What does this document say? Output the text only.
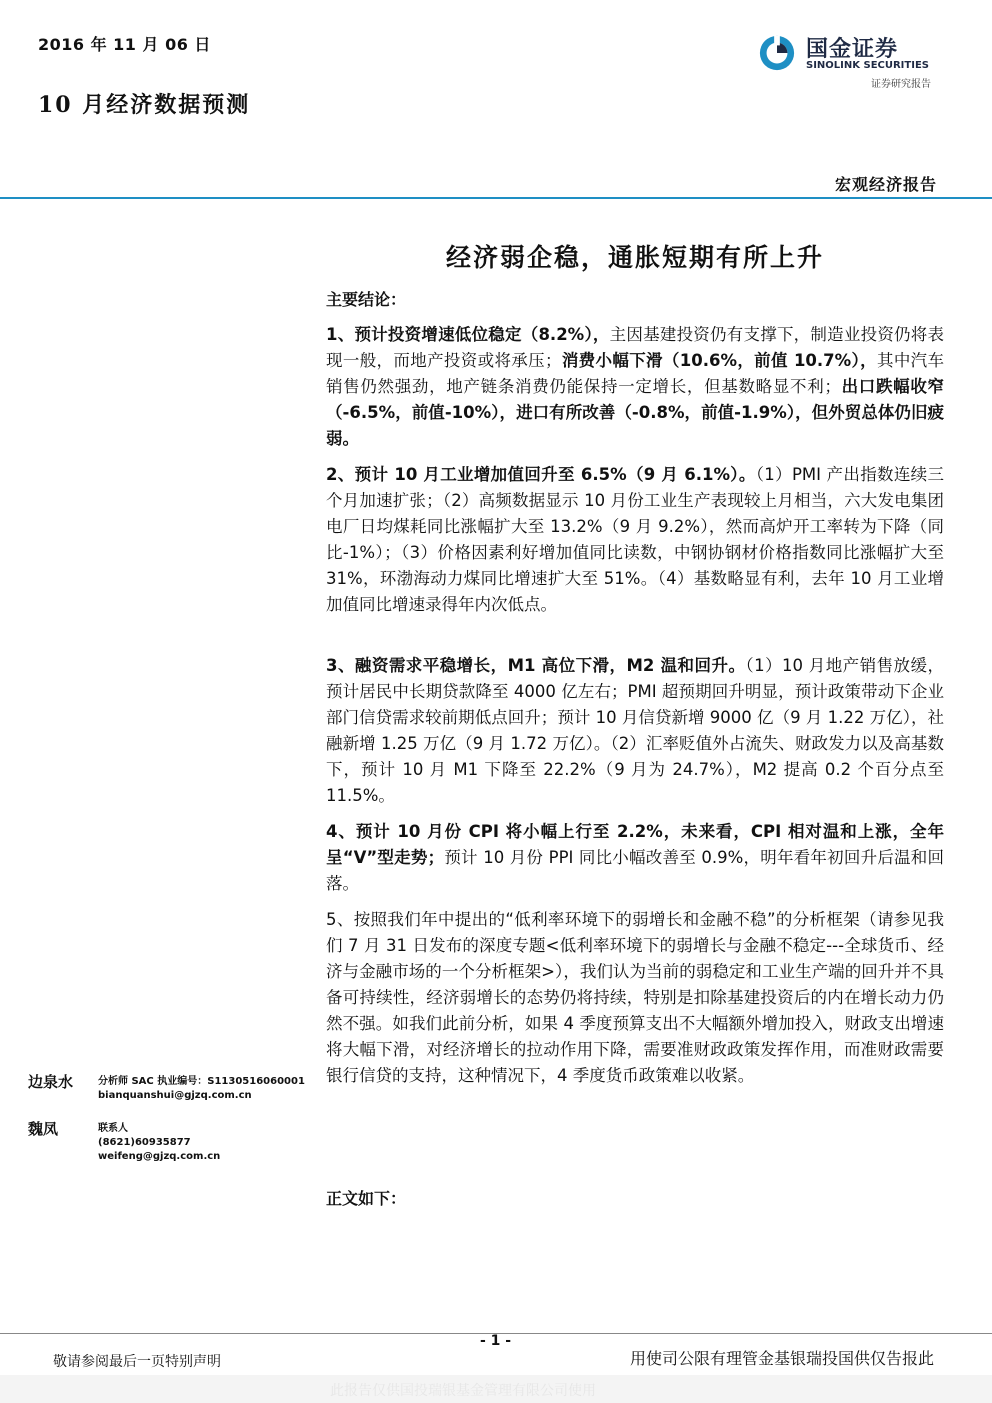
2016 年 11 月 06 日
10 月经济数据预测
国金证券
SINOLINK SECURITIES
证券研究报告
宏观经济报告
经济弱企稳，通胀短期有所上升
主要结论：
1、预计投资增速低位稳定（8.2%），主因基建投资仍有支撑下，制造业投资仍将表现一般，而地产投资或将承压；消费小幅下滑（10.6%，前值 10.7%），其中汽车销售仍然强劲，地产链条消费仍能保持一定增长，但基数略显不利；出口跌幅收窄（-6.5%，前值-10%），进口有所改善（-0.8%，前值-1.9%），但外贸总体仍旧疲弱。
2、预计 10 月工业增加值回升至 6.5%（9 月 6.1%）。（1）PMI 产出指数连续三个月加速扩张；（2）高频数据显示 10 月份工业生产表现较上月相当，六大发电集团电厂日均煤耗同比涨幅扩大至 13.2%（9 月 9.2%），然而高炉开工率转为下降（同比-1%）；（3）价格因素利好增加值同比读数，中钢协钢材价格指数同比涨幅扩大至 31%，环渤海动力煤同比增速扩大至 51%。（4）基数略显有利，去年 10 月工业增加值同比增速录得年内次低点。
3、融资需求平稳增长，M1 高位下滑，M2 温和回升。（1）10 月地产销售放缓，预计居民中长期贷款降至 4000 亿左右；PMI 超预期回升明显，预计政策带动下企业部门信贷需求较前期低点回升；预计 10 月信贷新增 9000 亿（9 月 1.22 万亿），社融新增 1.25 万亿（9 月 1.72 万亿）。（2）汇率贬值外占流失、财政发力以及高基数下，预计 10 月 M1 下降至 22.2%（9 月为 24.7%），M2 提高 0.2 个百分点至 11.5%。
4、预计 10 月份 CPI 将小幅上行至 2.2%，未来看，CPI 相对温和上涨，全年呈“V”型走势；预计 10 月份 PPI 同比小幅改善至 0.9%，明年看年初回升后温和回落。
5、按照我们年中提出的“低利率环境下的弱增长和金融不稳”的分析框架（请参见我们 7 月 31 日发布的深度专题<低利率环境下的弱增长与金融不稳定---全球货币、经济与金融市场的一个分析框架>），我们认为当前的弱稳定和工业生产端的回升并不具备可持续性，经济弱增长的态势仍将持续，特别是扣除基建投资后的内在增长动力仍然不强。如我们此前分析，如果 4 季度预算支出不大幅额外增加投入，财政支出增速将大幅下滑，对经济增长的拉动作用下降，需要准财政政策发挥作用，而准财政需要银行信贷的支持，这种情况下，4 季度货币政策难以收紧。
边泉水 分析师 SAC 执业编号：S1130516060001
bianquanshui@gjzq.com.cn
魏凤	联系人
(8621)60935877
weifeng@gjzq.com.cn
正文如下：
- 1 -
敬请参阅最后一页特别声明	用使司公限有理管金基银瑞投国供仅告报此
此报告仅供国投瑞银基金管理有限公司使用
